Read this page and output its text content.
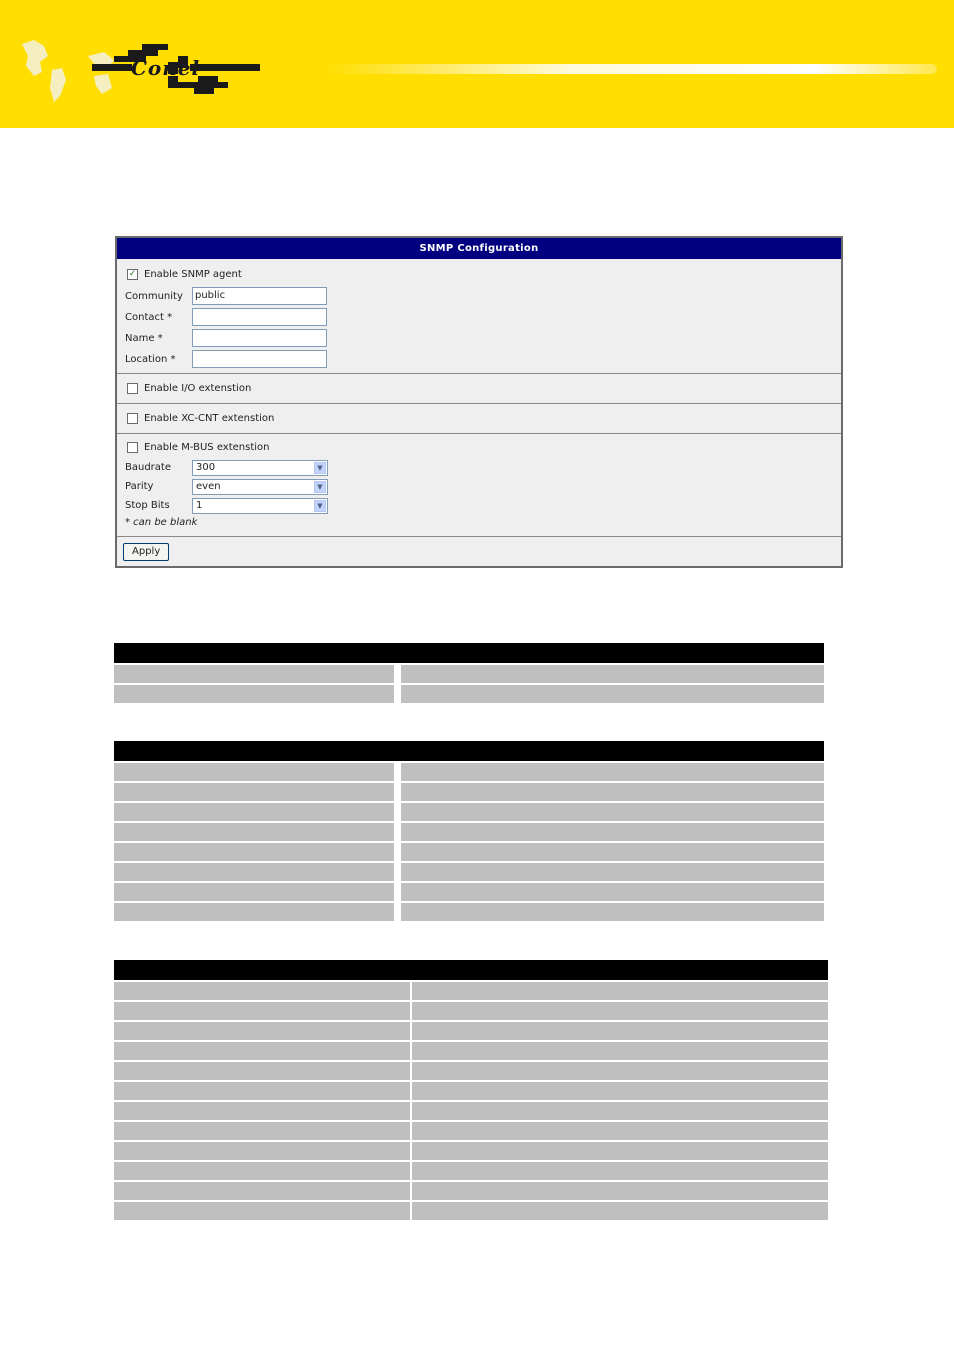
Conel
SNMP Configuration
✓ Enable SNMP agent
Community	public
Contact *
Name *
Location *
Enable I/O extenstion
Enable XC-CNT extenstion
Enable M-BUS extenstion
Baudrate	300	▼
Parity	even	▼
Stop Bits	1	▼
* can be blank
Apply
